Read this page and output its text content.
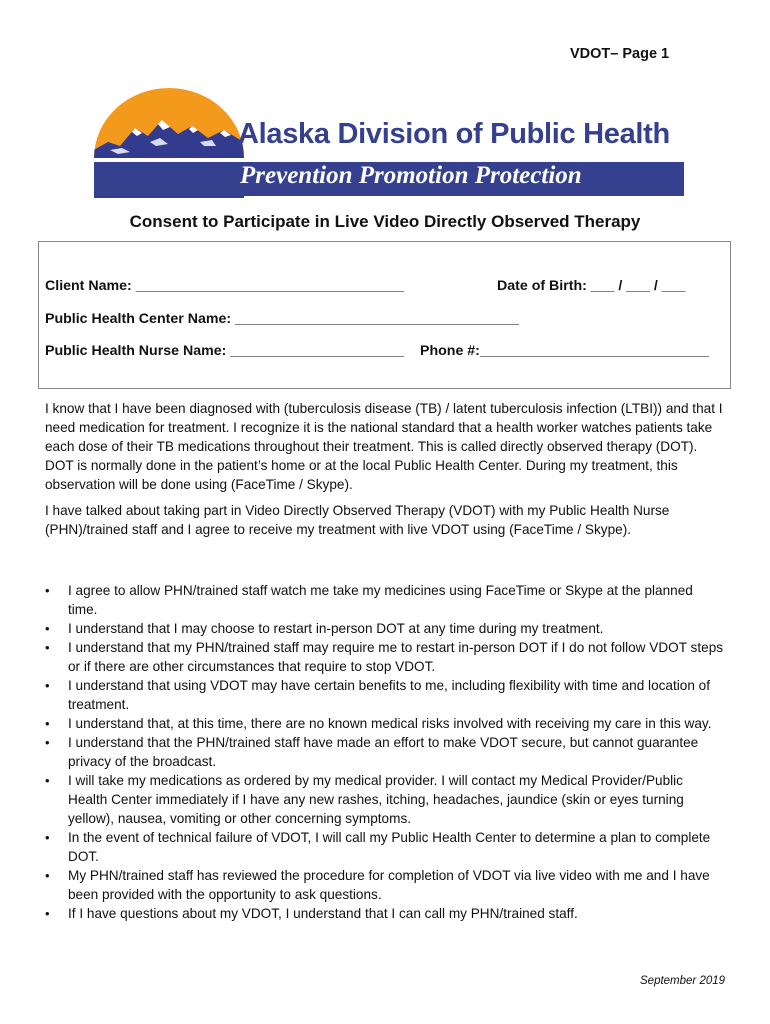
VDOT– Page 1
Alaska Division of Public Health
Prevention Promotion Protection
Consent to Participate in Live Video Directly Observed Therapy
Client Name: __________________________________	Date of Birth: ___ / ___ / ___
Public Health Center Name: ____________________________________
Public Health Nurse Name: ______________________ Phone #:_____________________________
I know that I have been diagnosed with (tuberculosis disease (TB) / latent tuberculosis infection (LTBI)) and that I need medication for treatment. I recognize it is the national standard that a health worker watches patients take each dose of their TB medications throughout their treatment. This is called directly observed therapy (DOT). DOT is normally done in the patient’s home or at the local Public Health Center. During my treatment, this observation will be done using (FaceTime / Skype).
I have talked about taking part in Video Directly Observed Therapy (VDOT) with my Public Health Nurse (PHN)/trained staff and I agree to receive my treatment with live VDOT using (FaceTime / Skype).
• I agree to allow PHN/trained staff watch me take my medicines using FaceTime or Skype at the planned time.
• I understand that I may choose to restart in-person DOT at any time during my treatment.
• I understand that my PHN/trained staff may require me to restart in-person DOT if I do not follow VDOT steps or if there are other circumstances that require to stop VDOT.
• I understand that using VDOT may have certain benefits to me, including flexibility with time and location of treatment.
• I understand that, at this time, there are no known medical risks involved with receiving my care in this way.
• I understand that the PHN/trained staff have made an effort to make VDOT secure, but cannot guarantee privacy of the broadcast.
• I will take my medications as ordered by my medical provider. I will contact my Medical Provider/Public Health Center immediately if I have any new rashes, itching, headaches, jaundice (skin or eyes turning yellow), nausea, vomiting or other concerning symptoms.
• In the event of technical failure of VDOT, I will call my Public Health Center to determine a plan to complete DOT.
• My PHN/trained staff has reviewed the procedure for completion of VDOT via live video with me and I have been provided with the opportunity to ask questions.
• If I have questions about my VDOT, I understand that I can call my PHN/trained staff.
September 2019
